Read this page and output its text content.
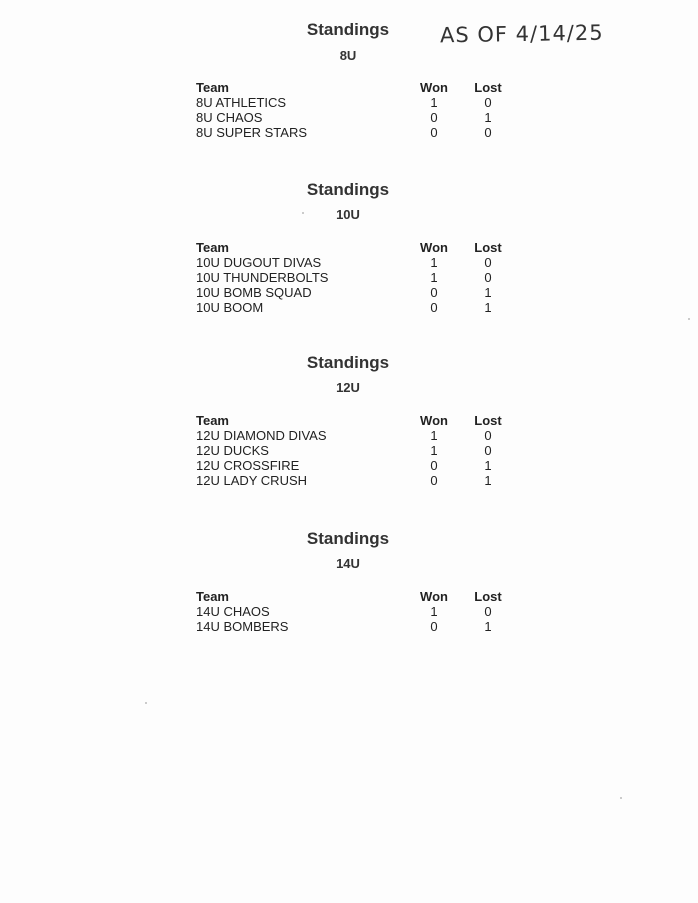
AS OF 4/14/25
Standings
8U
Team	Won	Lost
8U ATHLETICS	1	0
8U CHAOS	0	1
8U SUPER STARS	0	0
Standings
10U
Team	Won	Lost
10U DUGOUT DIVAS	1	0
10U THUNDERBOLTS	1	0
10U BOMB SQUAD	0	1
10U BOOM	0	1
Standings
12U
Team	Won	Lost
12U DIAMOND DIVAS	1	0
12U DUCKS	1	0
12U CROSSFIRE	0	1
12U LADY CRUSH	0	1
Standings
14U
Team	Won	Lost
14U CHAOS	1	0
14U BOMBERS	0	1
